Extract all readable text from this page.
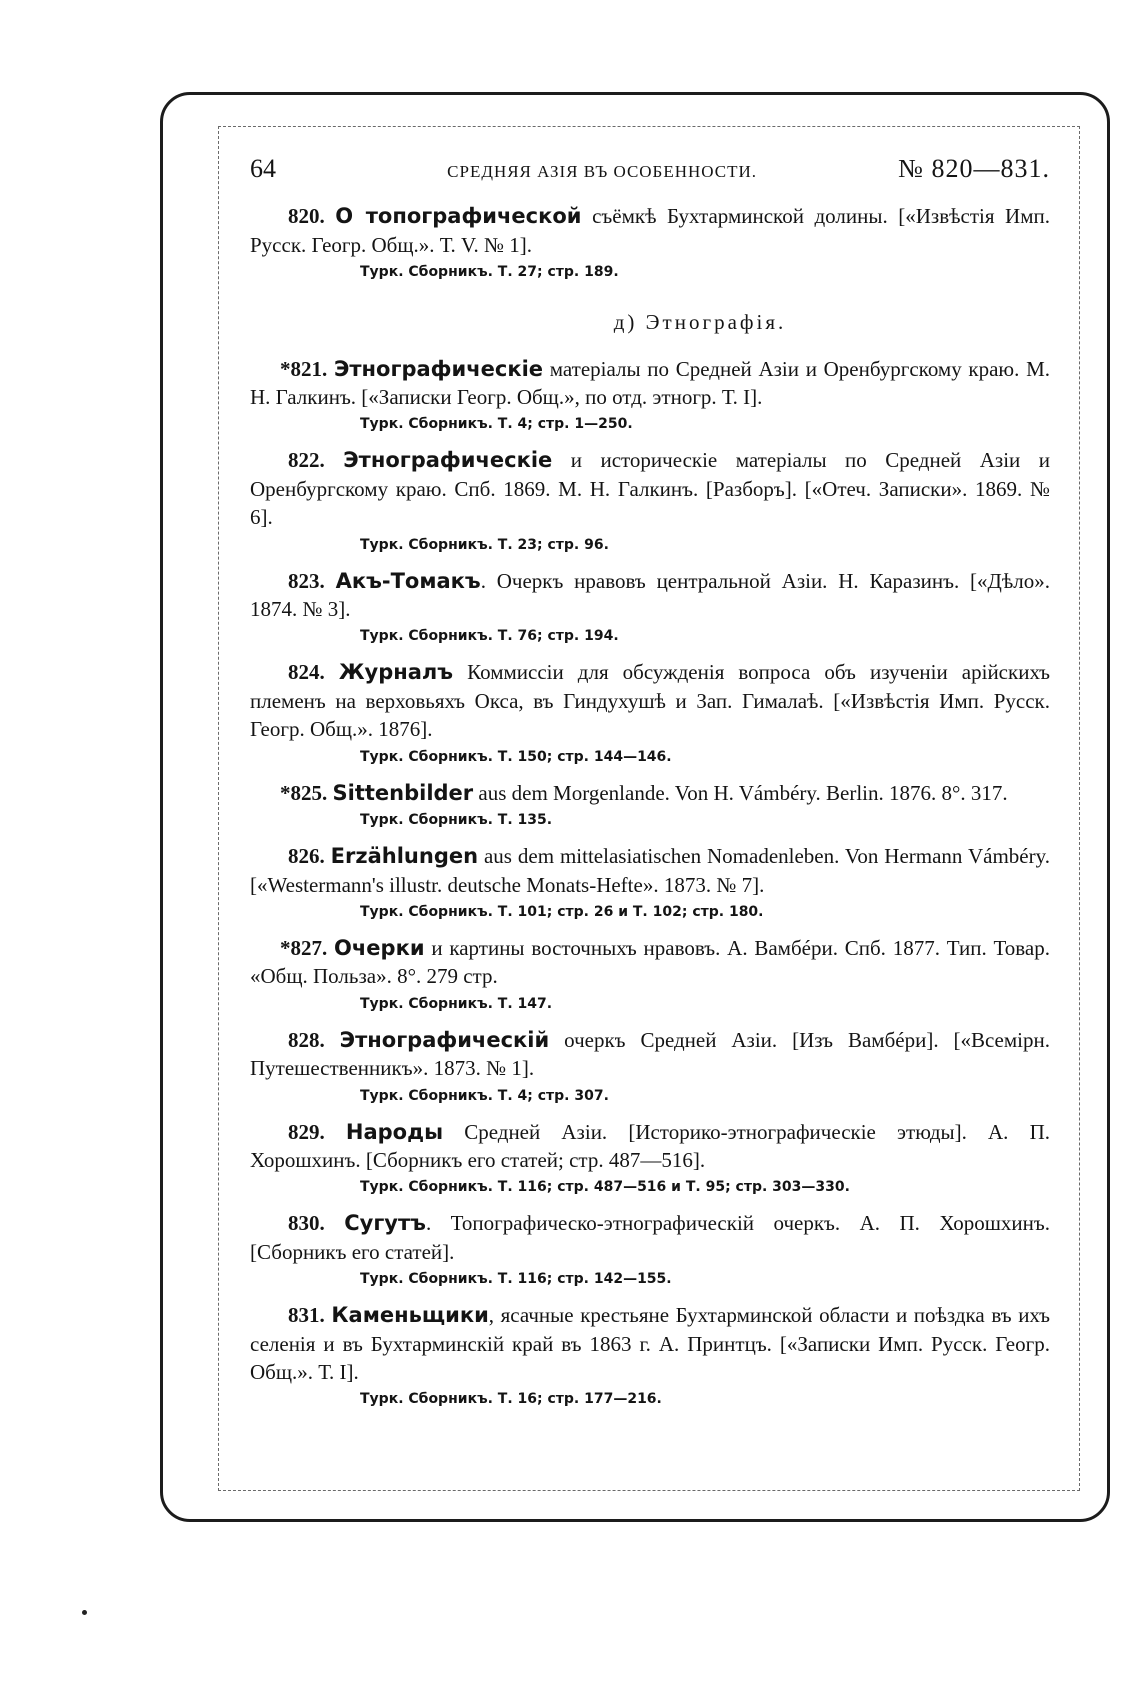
64	СРЕДНЯЯ АЗІЯ ВЪ ОСОБЕННОСТИ.	№ 820—831.
820. О топографической съёмкѣ Бухтарминской долины. [«Извѣстія Имп. Русск. Геогр. Общ.». Т. V. № 1].
Турк. Сборникъ. Т. 27; стр. 189.
д) Этнографія.
*821. Этнографическіе матеріалы по Средней Азіи и Оренбургскому краю. М. Н. Галкинъ. [«Записки Геогр. Общ.», по отд. этногр. Т. I].
Турк. Сборникъ. Т. 4; стр. 1—250.
822. Этнографическіе и историческіе матеріалы по Средней Азіи и Оренбургскому краю. Спб. 1869. М. Н. Галкинъ. [Разборъ]. [«Отеч. Записки». 1869. № 6].
Турк. Сборникъ. Т. 23; стр. 96.
823. Акъ-Томакъ. Очеркъ нравовъ центральной Азіи. Н. Каразинъ. [«Дѣло». 1874. № 3].
Турк. Сборникъ. Т. 76; стр. 194.
824. Журналъ Коммиссіи для обсужденія вопроса объ изученіи арійскихъ племенъ на верховьяхъ Окса, въ Гиндухушѣ и Зап. Гималаѣ. [«Извѣстія Имп. Русск. Геогр. Общ.». 1876].
Турк. Сборникъ. Т. 150; стр. 144—146.
*825. Sittenbilder aus dem Morgenlande. Von H. Vámbéry. Berlin. 1876. 8°. 317.
Турк. Сборникъ. Т. 135.
826. Erzählungen aus dem mittelasiatischen Nomadenleben. Von Hermann Vámbéry. [«Westermann's illustr. deutsche Monats-Hefte». 1873. № 7].
Турк. Сборникъ. Т. 101; стр. 26 и Т. 102; стр. 180.
*827. Очерки и картины восточныхъ нравовъ. А. Вамбéри. Спб. 1877. Тип. Товар. «Общ. Польза». 8°. 279 стр.
Турк. Сборникъ. Т. 147.
828. Этнографическій очеркъ Средней Азіи. [Изъ Вамбéри]. [«Всемірн. Путешественникъ». 1873. № 1].
Турк. Сборникъ. Т. 4; стр. 307.
829. Народы Средней Азіи. [Историко-этнографическіе этюды]. А. П. Хорошхинъ. [Сборникъ его статей; стр. 487—516].
Турк. Сборникъ. Т. 116; стр. 487—516 и Т. 95; стр. 303—330.
830. Сугутъ. Топографическо-этнографическій очеркъ. А. П. Хорошхинъ. [Сборникъ его статей].
Турк. Сборникъ. Т. 116; стр. 142—155.
831. Каменьщики, ясачные крестьяне Бухтарминской области и поѣздка въ ихъ селенія и въ Бухтарминскій край въ 1863 г. А. Принтцъ. [«Записки Имп. Русск. Геогр. Общ.». Т. I].
Турк. Сборникъ. Т. 16; стр. 177—216.
